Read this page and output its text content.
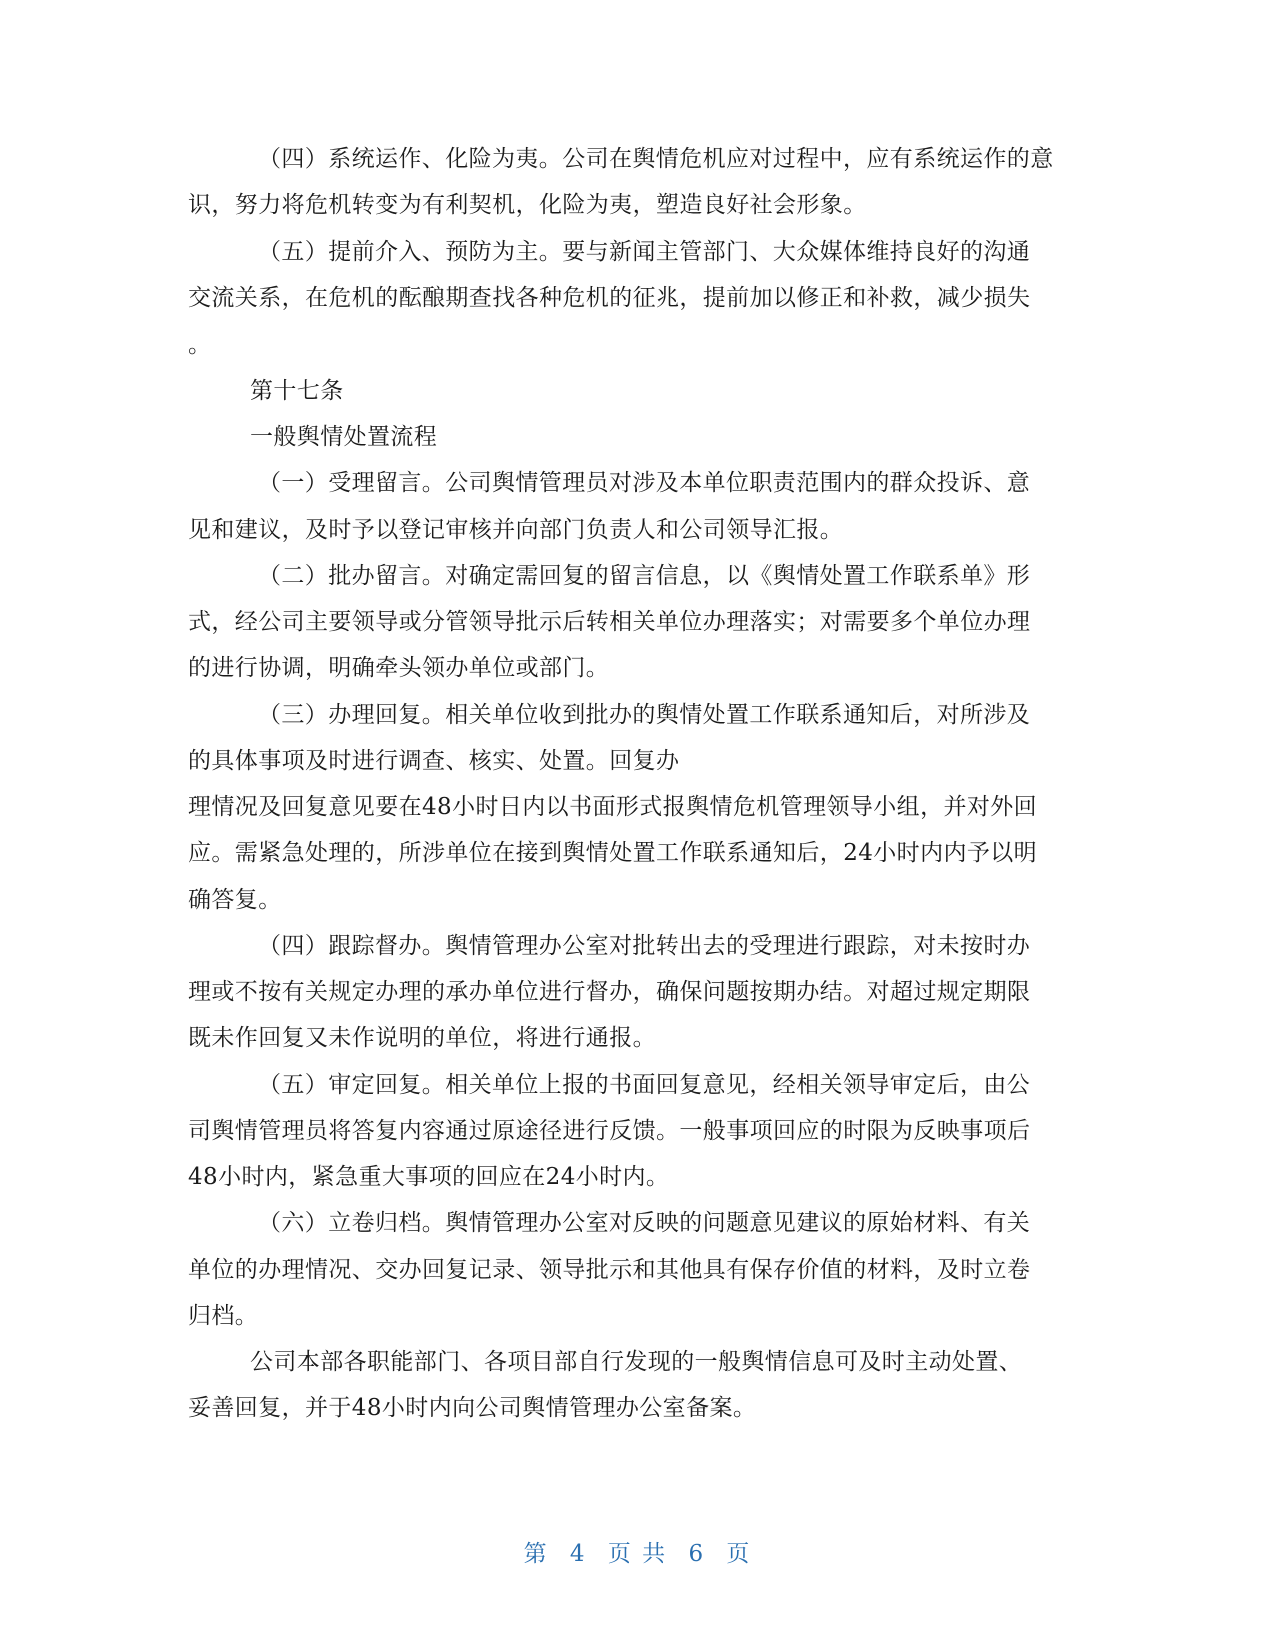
（四）系统运作、化险为夷。公司在舆情危机应对过程中，应有系统运作的意
识，努力将危机转变为有利契机，化险为夷，塑造良好社会形象。
（五）提前介入、预防为主。要与新闻主管部门、大众媒体维持良好的沟通
交流关系，在危机的酝酿期查找各种危机的征兆，提前加以修正和补救，减少损失
。
第十七条
一般舆情处置流程
（一）受理留言。公司舆情管理员对涉及本单位职责范围内的群众投诉、意
见和建议，及时予以登记审核并向部门负责人和公司领导汇报。
（二）批办留言。对确定需回复的留言信息，以《舆情处置工作联系单》形
式，经公司主要领导或分管领导批示后转相关单位办理落实；对需要多个单位办理
的进行协调，明确牵头领办单位或部门。
（三）办理回复。相关单位收到批办的舆情处置工作联系通知后，对所涉及
的具体事项及时进行调查、核实、处置。回复办
理情况及回复意见要在48小时日内以书面形式报舆情危机管理领导小组，并对外回
应。需紧急处理的，所涉单位在接到舆情处置工作联系通知后，24小时内内予以明
确答复。
（四）跟踪督办。舆情管理办公室对批转出去的受理进行跟踪，对未按时办
理或不按有关规定办理的承办单位进行督办，确保问题按期办结。对超过规定期限
既未作回复又未作说明的单位，将进行通报。
（五）审定回复。相关单位上报的书面回复意见，经相关领导审定后，由公
司舆情管理员将答复内容通过原途径进行反馈。一般事项回应的时限为反映事项后
48小时内，紧急重大事项的回应在24小时内。
（六）立卷归档。舆情管理办公室对反映的问题意见建议的原始材料、有关
单位的办理情况、交办回复记录、领导批示和其他具有保存价值的材料，及时立卷
归档。
公司本部各职能部门、各项目部自行发现的一般舆情信息可及时主动处置、
妥善回复，并于48小时内向公司舆情管理办公室备案。
第 4 页 共 6 页
